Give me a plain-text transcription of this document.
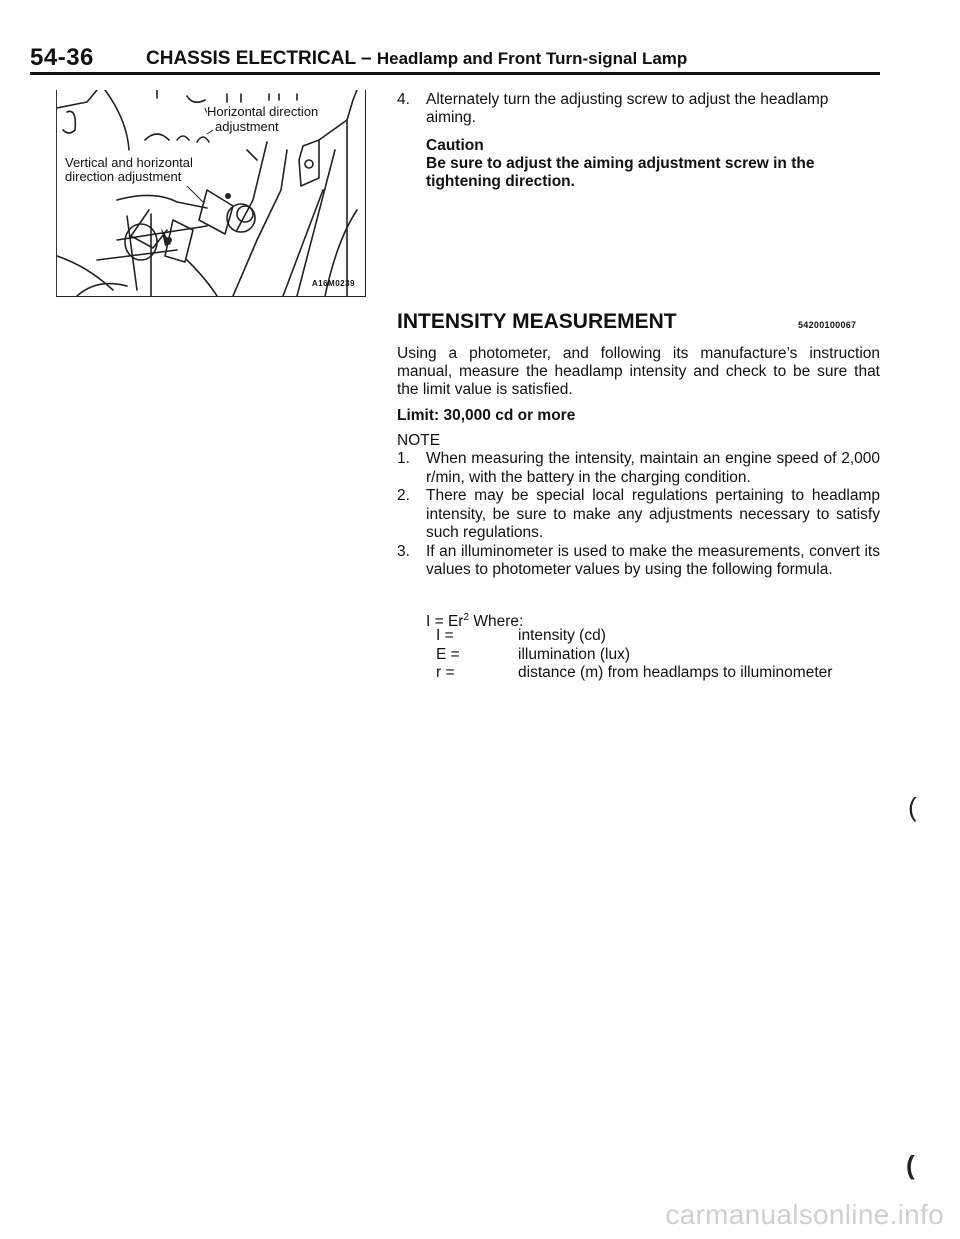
54-36	CHASSIS ELECTRICAL – Headlamp and Front Turn-signal Lamp
Horizontal direction
adjustment
Vertical and horizontal
direction adjustment
A16M0239
4. Alternately turn the adjusting screw to adjust the headlamp aiming.
Caution
Be sure to adjust the aiming adjustment screw in the tightening direction.
INTENSITY MEASUREMENT	54200100067
Using a photometer, and following its manufacture’s instruction manual, measure the headlamp intensity and check to be sure that the limit value is satisfied.
Limit: 30,000 cd or more
NOTE
1. When measuring the intensity, maintain an engine speed of 2,000 r/min, with the battery in the charging condition.
2. There may be special local regulations pertaining to headlamp intensity, be sure to make any adjustments necessary to satisfy such regulations.
3. If an illuminometer is used to make the measurements, convert its values to photometer values by using the following formula.
$I = Er^2$ Where:
I =	intensity (cd)
E =	illumination (lux)
r =	distance (m) from headlamps to illuminometer
(
(
carmanualsonline.info
